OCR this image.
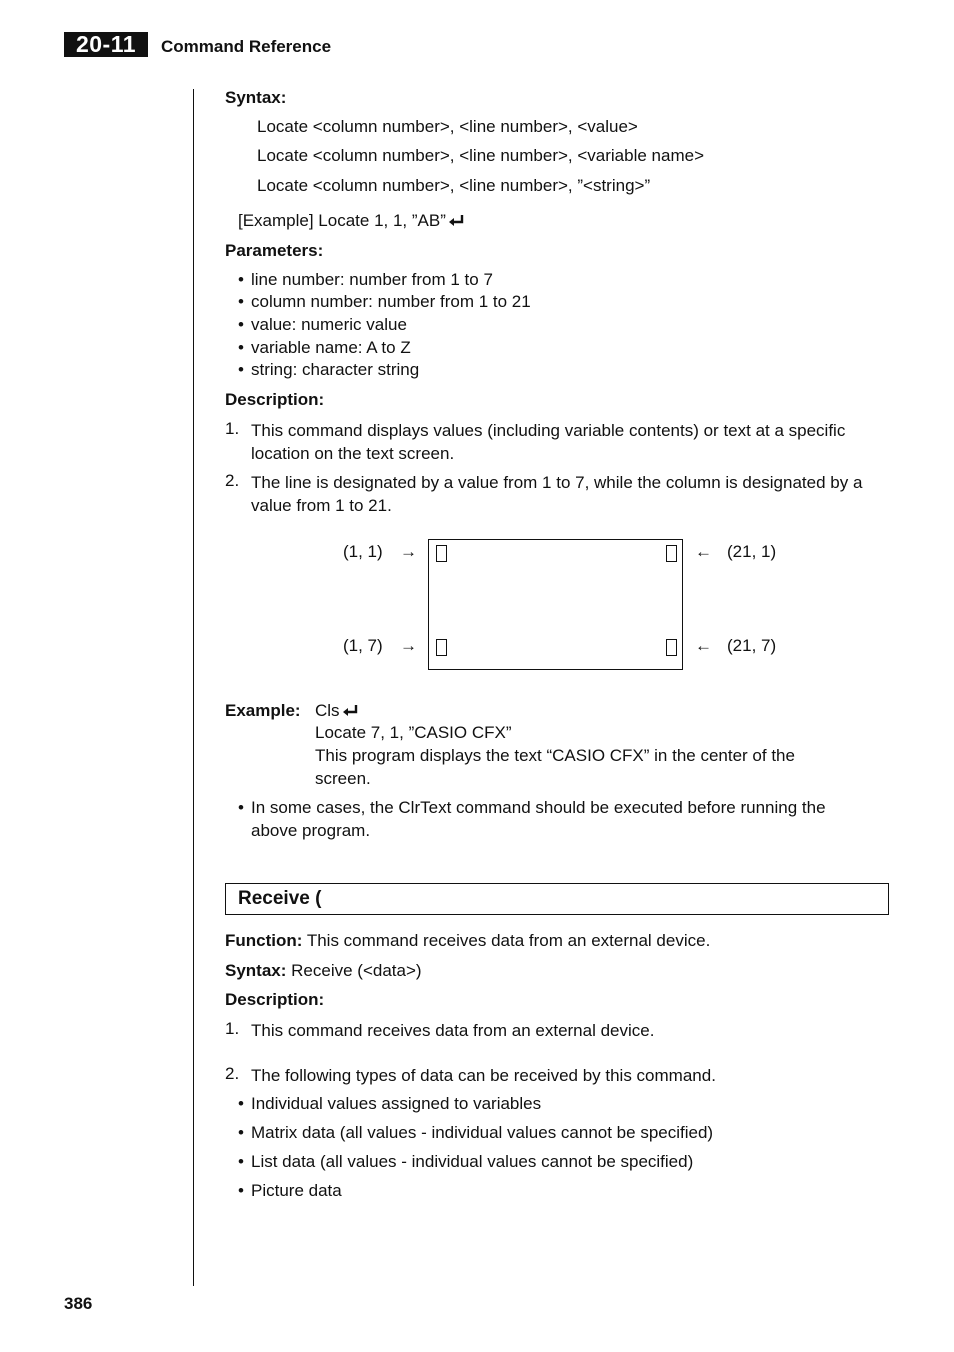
20-11	Command Reference
Syntax:
Locate <column number>, <line number>, <value>
Locate <column number>, <line number>, <variable name>
Locate <column number>, <line number>, ”<string>”
[Example] Locate 1, 1, ”AB”
Parameters:
• line number: number from 1 to 7
• column number: number from 1 to 21
• value: numeric value
• variable name: A to Z
• string: character string
Description:
1. This command displays values (including variable contents) or text at a specific location on the text screen.
2. The line is designated by a value from 1 to 7, while the column is designated by a value from 1 to 21.
(1, 1) →
(1, 7) →
← (21, 1)
← (21, 7)
Example: Cls
Locate 7, 1, ”CASIO CFX”
This program displays the text “CASIO CFX” in the center of the
screen.
• In some cases, the ClrText command should be executed before running the
above program.
Receive (
Function: This command receives data from an external device.
Syntax: Receive (<data>)
Description:
1. This command receives data from an external device.
2. The following types of data can be received by this command.
• Individual values assigned to variables
• Matrix data (all values - individual values cannot be specified)
• List data (all values - individual values cannot be specified)
• Picture data
386
